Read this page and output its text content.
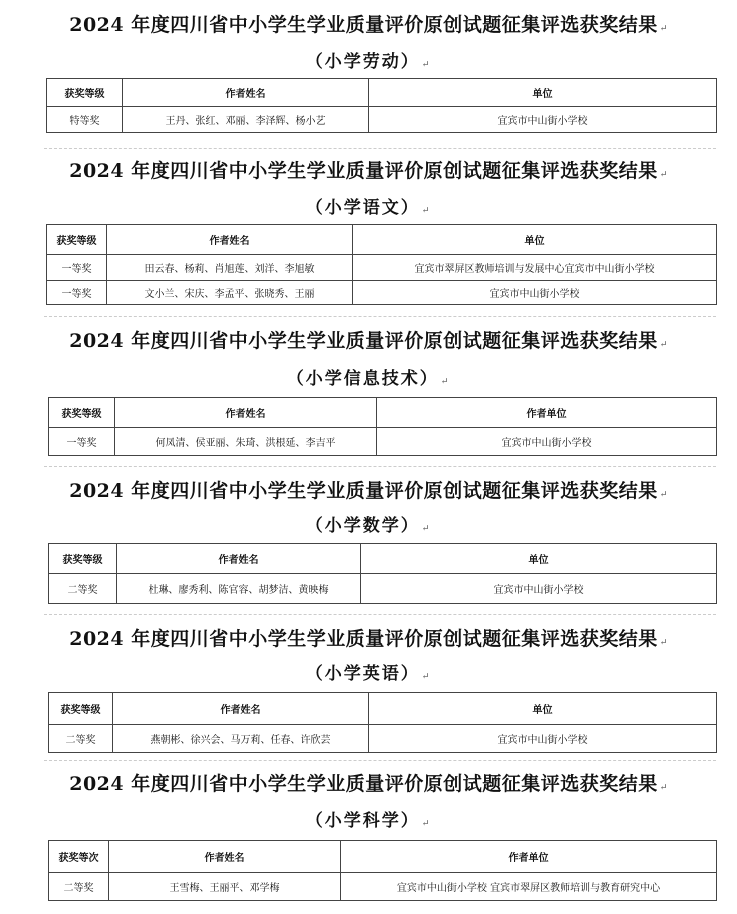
2024 年度四川省中小学生学业质量评价原创试题征集评选获奖结果 ↵
（小学劳动） ↵
获奖等级	作者姓名	单位
特等奖	王丹、张红、邓丽、李泽辉、杨小艺	宜宾市中山街小学校
2024 年度四川省中小学生学业质量评价原创试题征集评选获奖结果 ↵
（小学语文） ↵
获奖等级	作者姓名	单位
一等奖	田云春、杨莉、肖旭莲、刘洋、李旭敏	宜宾市翠屏区教师培训与发展中心宜宾市中山街小学校
一等奖	文小兰、宋庆、李孟平、张晓秀、王丽	宜宾市中山街小学校
2024 年度四川省中小学生学业质量评价原创试题征集评选获奖结果 ↵
（小学信息技术） ↵
获奖等级	作者姓名	作者单位
一等奖	何凤清、侯亚丽、朱琦、洪根延、李吉平	宜宾市中山街小学校
2024 年度四川省中小学生学业质量评价原创试题征集评选获奖结果 ↵
（小学数学） ↵
获奖等级	作者姓名	单位
二等奖	杜琳、廖秀利、陈官容、胡梦洁、黄映梅	宜宾市中山街小学校
2024 年度四川省中小学生学业质量评价原创试题征集评选获奖结果 ↵
（小学英语） ↵
获奖等级	作者姓名	单位
二等奖	燕朝彬、徐兴会、马万莉、任春、许欣芸	宜宾市中山街小学校
2024 年度四川省中小学生学业质量评价原创试题征集评选获奖结果 ↵
（小学科学） ↵
获奖等次	作者姓名	作者单位
二等奖	王雪梅、王丽平、邓学梅	宜宾市中山街小学校 宜宾市翠屏区教师培训与教育研究中心
